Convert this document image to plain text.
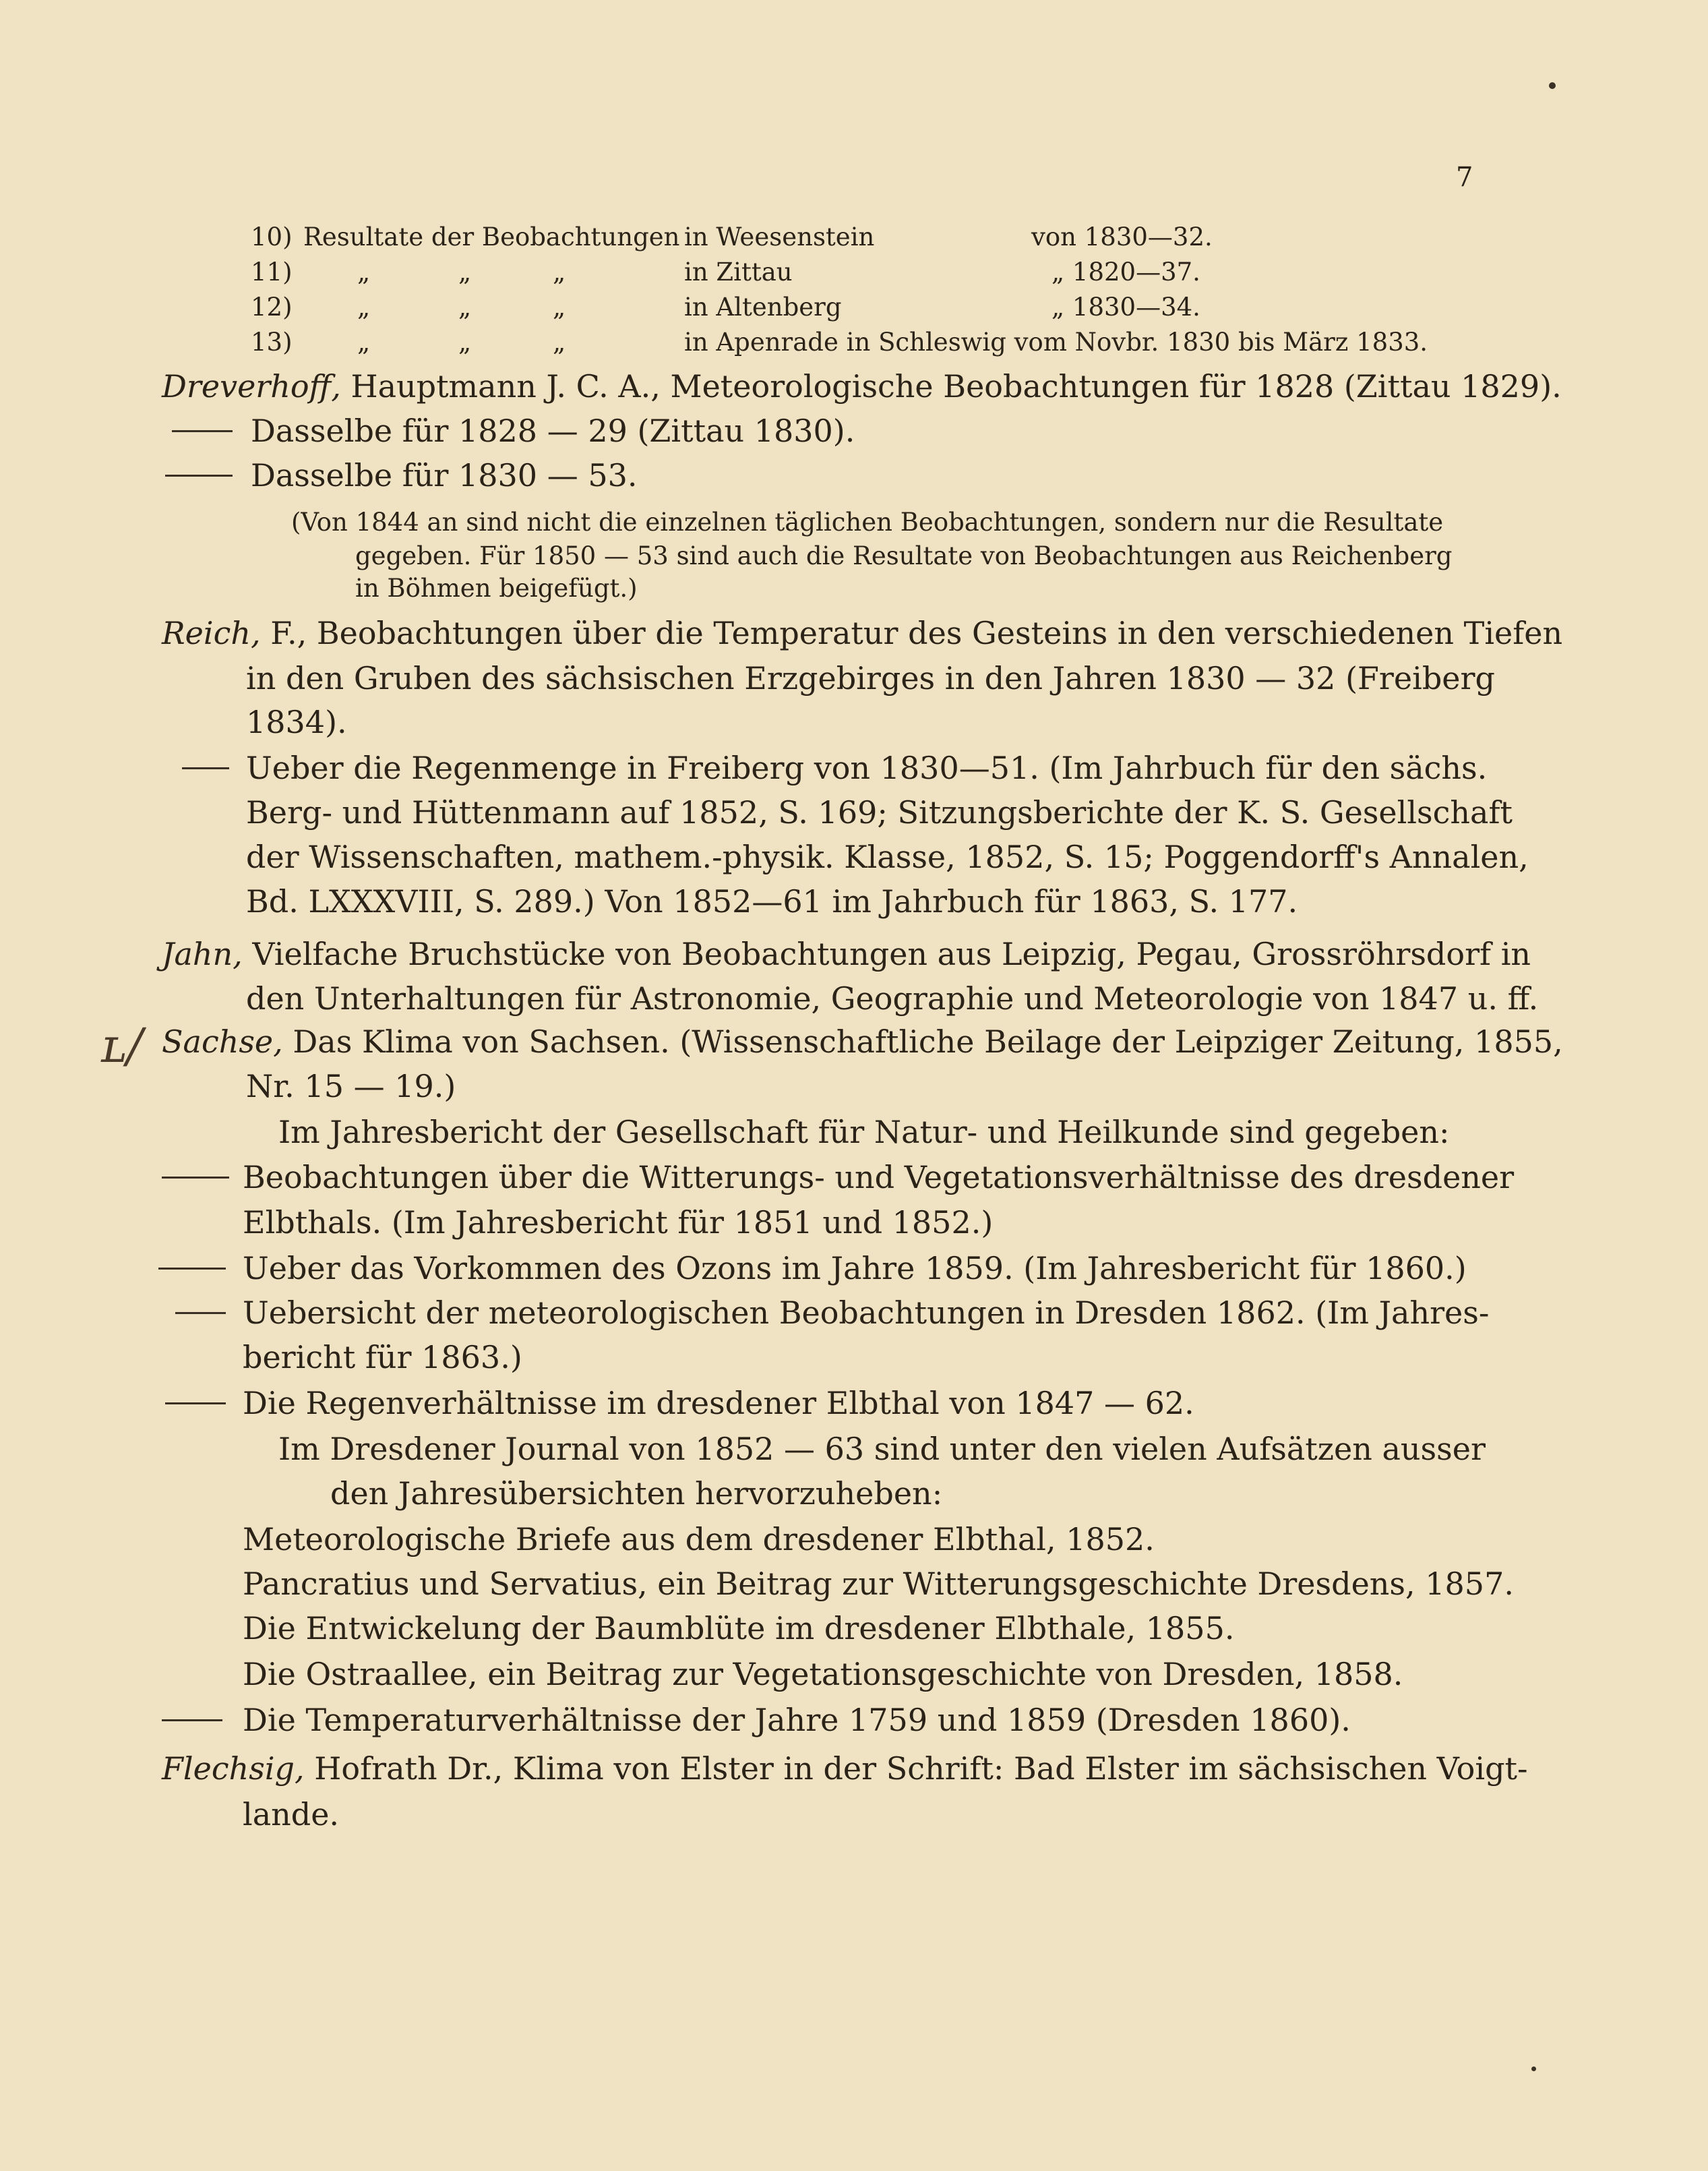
7
10) Resultate der Beobachtungen in Weesenstein	von 1830—32.
11)	„	„	„	in Zittau	„ 1820—37.
12)	„	„	„	in Altenberg	„ 1830—34.
13)	„	„	„	in Apenrade in Schleswig vom Novbr. 1830 bis März 1833.
Dreverhoff, Hauptmann J. C. A., Meteorologische Beobachtungen für 1828 (Zittau 1829).
Dasselbe für 1828 — 29 (Zittau 1830).
Dasselbe für 1830 — 53.
(Von 1844 an sind nicht die einzelnen täglichen Beobachtungen, sondern nur die Resultate
gegeben. Für 1850 — 53 sind auch die Resultate von Beobachtungen aus Reichenberg
in Böhmen beigefügt.)
Reich, F., Beobachtungen über die Temperatur des Gesteins in den verschiedenen Tiefen
in den Gruben des sächsischen Erzgebirges in den Jahren 1830 — 32 (Freiberg
1834).
Ueber die Regenmenge in Freiberg von 1830—51. (Im Jahrbuch für den sächs.
Berg- und Hüttenmann auf 1852, S. 169; Sitzungsberichte der K. S. Gesellschaft
der Wissenschaften, mathem.-physik. Klasse, 1852, S. 15; Poggendorff's Annalen,
Bd. LXXXVIII, S. 289.) Von 1852—61 im Jahrbuch für 1863, S. 177.
Jahn, Vielfache Bruchstücke von Beobachtungen aus Leipzig, Pegau, Grossröhrsdorf in
den Unterhaltungen für Astronomie, Geographie und Meteorologie von 1847 u. ff.
ʟ/ Sachse, Das Klima von Sachsen. (Wissenschaftliche Beilage der Leipziger Zeitung, 1855,
Nr. 15 — 19.)
Im Jahresbericht der Gesellschaft für Natur- und Heilkunde sind gegeben:
Beobachtungen über die Witterungs- und Vegetationsverhältnisse des dresdener
Elbthals. (Im Jahresbericht für 1851 und 1852.)
Ueber das Vorkommen des Ozons im Jahre 1859. (Im Jahresbericht für 1860.)
Uebersicht der meteorologischen Beobachtungen in Dresden 1862. (Im Jahres-
bericht für 1863.)
Die Regenverhältnisse im dresdener Elbthal von 1847 — 62.
Im Dresdener Journal von 1852 — 63 sind unter den vielen Aufsätzen ausser
den Jahresübersichten hervorzuheben:
Meteorologische Briefe aus dem dresdener Elbthal, 1852.
Pancratius und Servatius, ein Beitrag zur Witterungsgeschichte Dresdens, 1857.
Die Entwickelung der Baumblüte im dresdener Elbthale, 1855.
Die Ostraallee, ein Beitrag zur Vegetationsgeschichte von Dresden, 1858.
Die Temperaturverhältnisse der Jahre 1759 und 1859 (Dresden 1860).
Flechsig, Hofrath Dr., Klima von Elster in der Schrift: Bad Elster im sächsischen Voigt-
lande.
